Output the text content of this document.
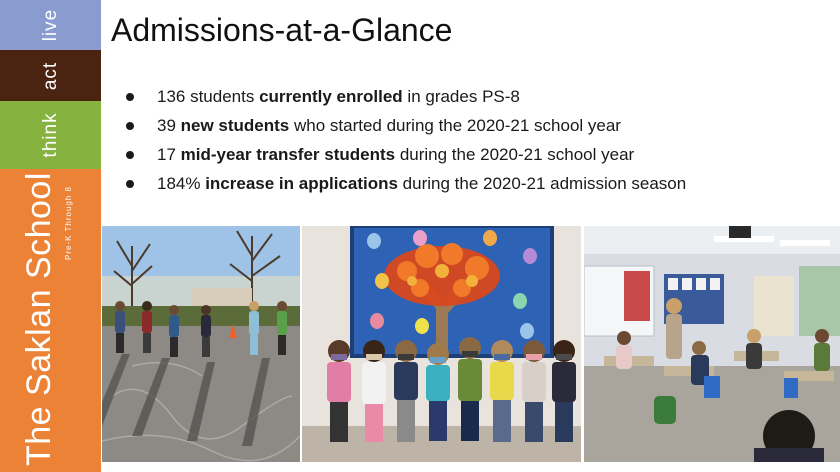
live
act
think
The Saklan School Pre-K Through 8
Admissions-at-a-Glance
136 students currently enrolled in grades PS-8
39 new students who started during the 2020-21 school year
17 mid-year transfer students during the 2020-21 school year
184% increase in applications during the 2020-21 admission season
